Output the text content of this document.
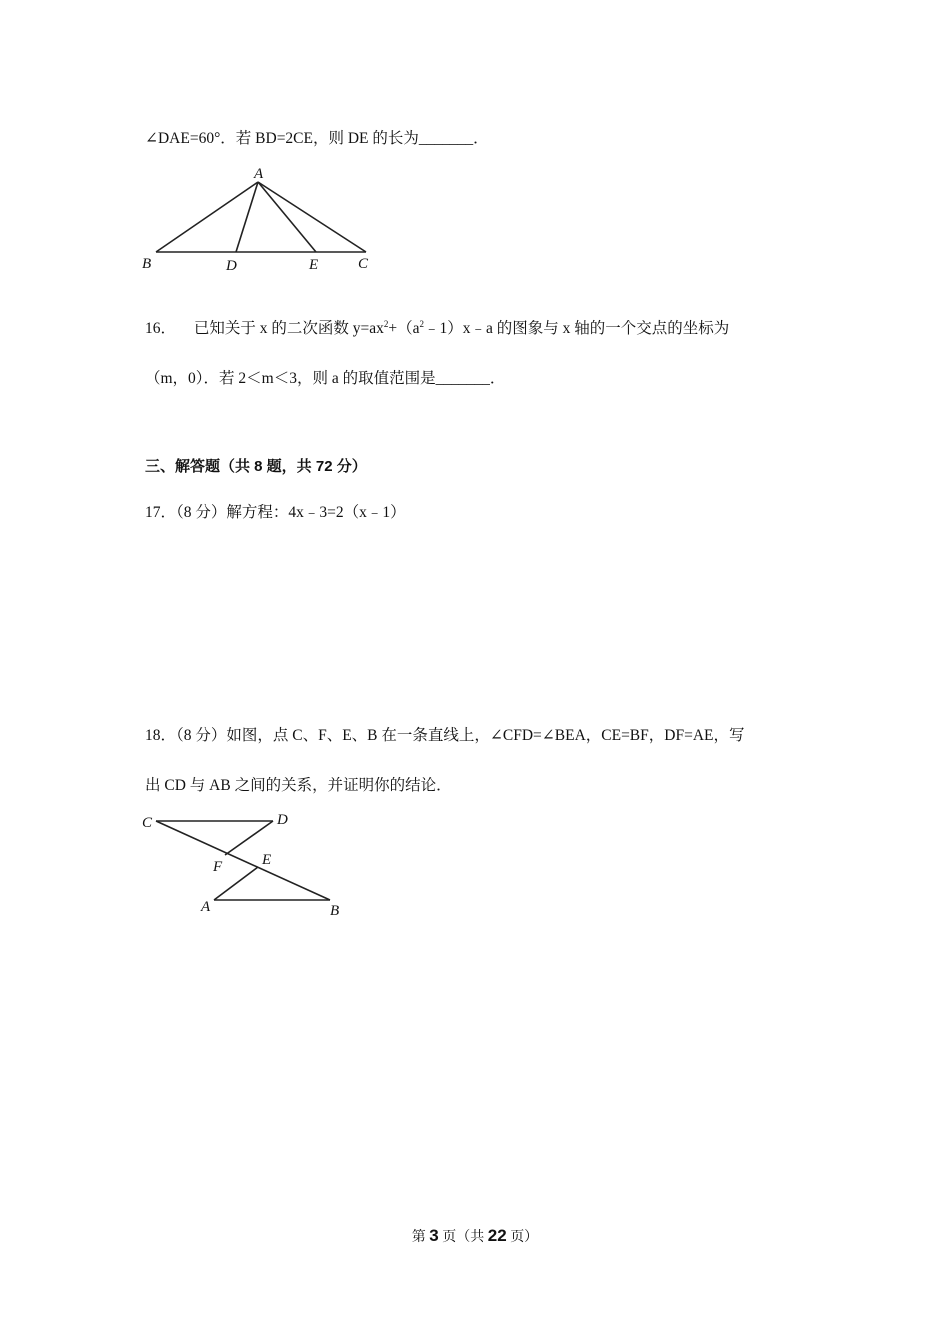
∠DAE=60°．若 BD=2CE，则 DE 的长为_______．
A
B	D	E	C
16． 已知关于 x 的二次函数 $y=ax^2+(a^2﹣1)x﹣a$ 的图象与 x 轴的一个交点的坐标为
（m，0）．若 2＜m＜3，则 a 的取值范围是_______．
三、解答题（共 8 题，共 72 分）
17．（8 分）解方程：4x﹣3=2（x﹣1）
18．（8 分）如图，点 C、F、E、B 在一条直线上，∠CFD=∠BEA，CE=BF，DF=AE，写
出 CD 与 AB 之间的关系，并证明你的结论．
C	D
F	E
A	B
第 3 页（共 22 页）
